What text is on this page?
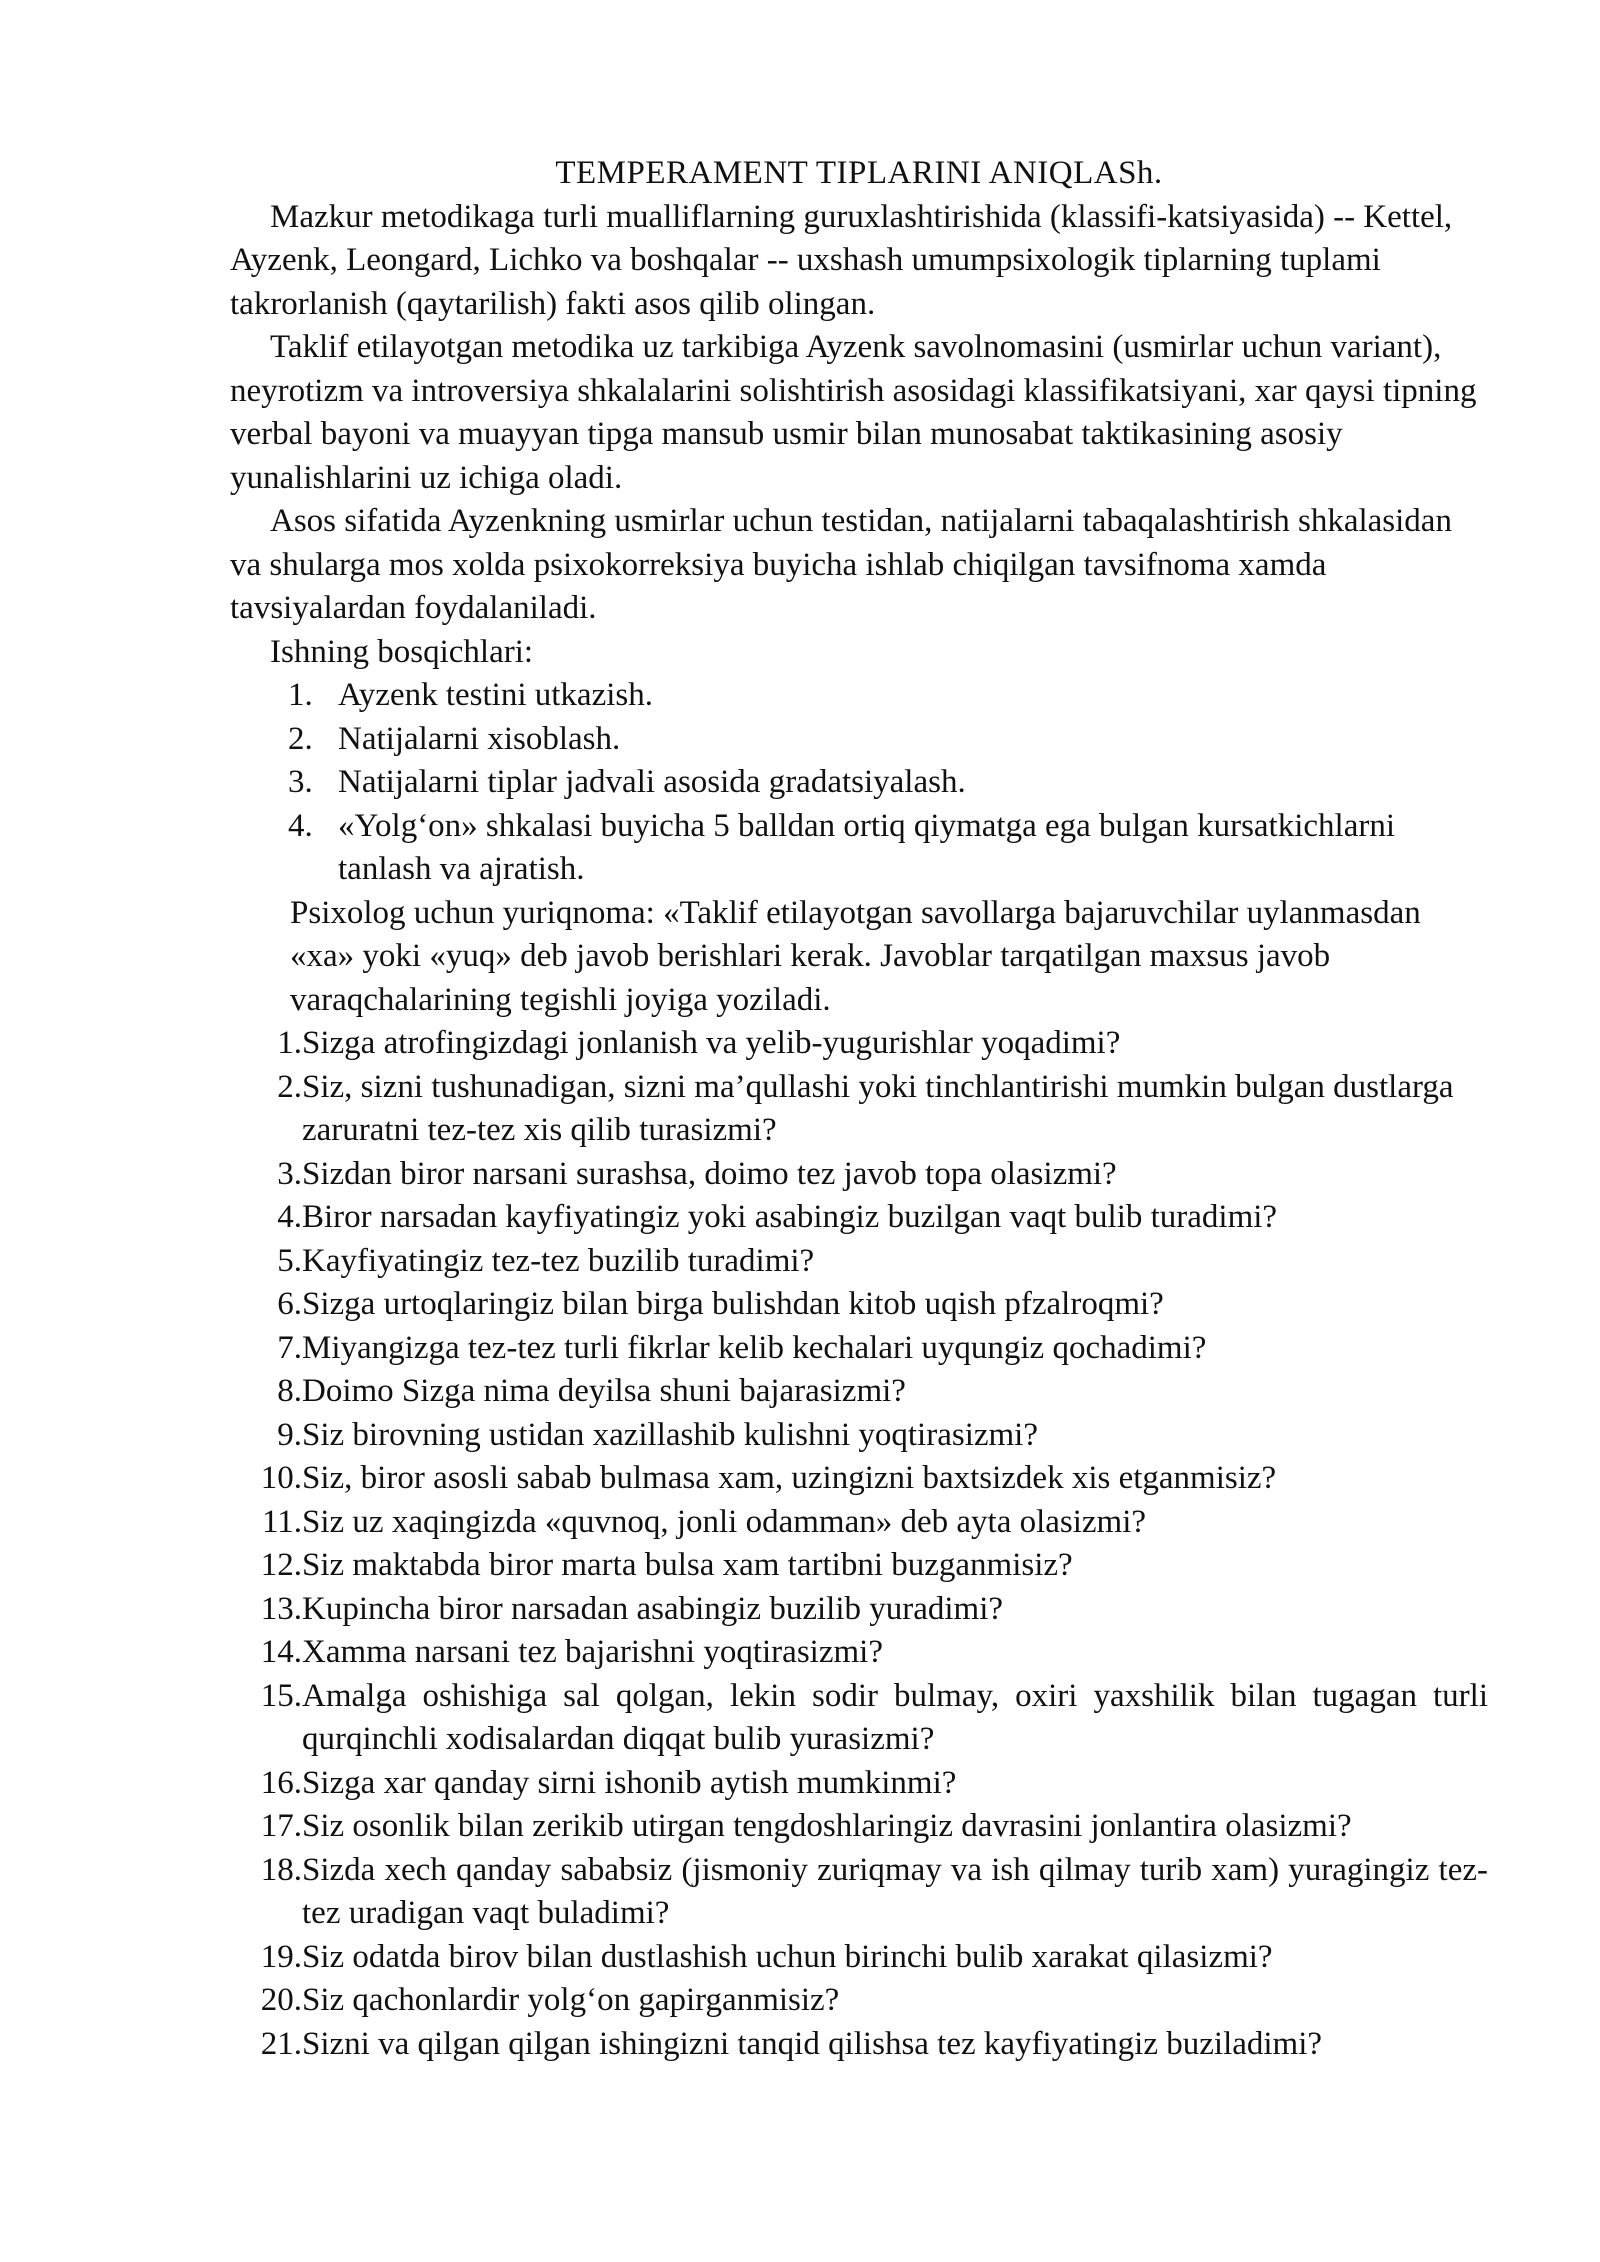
TEMPERAMENT TIPLARINI ANIQLASh.

Mazkur metodikaga turli mualliflarning guruxlashtirishida (klassifi-katsiyasida) -- Kettel, Ayzenk, Leongard, Lichko va boshqalar -- uxshash umumpsixologik tiplarning tuplami takrorlanish (qaytarilish) fakti asos qilib olingan.

Taklif etilayotgan metodika uz tarkibiga Ayzenk savolnomasini (usmirlar uchun variant), neyrotizm va introversiya shkalalarini solishtirish asosidagi klassifikatsiyani, xar qaysi tipning verbal bayoni va muayyan tipga mansub usmir bilan munosabat taktikasining asosiy yunalishlarini uz ichiga oladi.

Asos sifatida Ayzenkning usmirlar uchun testidan, natijalarni tabaqalashtirish shkalasidan va shularga mos xolda psixokorreksiya buyicha ishlab chiqilgan tavsifnoma xamda tavsiyalardan foydalaniladi.

Ishning bosqichlari:

1. Ayzenk testini utkazish.
2. Natijalarni xisoblash.
3. Natijalarni tiplar jadvali asosida gradatsiyalash.
4. «Yolg‘on» shkalasi buyicha 5 balldan ortiq qiymatga ega bulgan kursatkichlarni tanlash va ajratish.

Psixolog uchun yuriqnoma: «Taklif etilayotgan savollarga bajaruvchilar uylanmasdan «xa» yoki «yuq» deb javob berishlari kerak. Javoblar tarqatilgan maxsus javob varaqchalarining tegishli joyiga yoziladi.

1. Sizga atrofingizdagi jonlanish va yelib-yugurishlar yoqadimi?
2. Siz, sizni tushunadigan, sizni ma’qullashi yoki tinchlantirishi mumkin bulgan dustlarga zaruratni tez-tez xis qilib turasizmi?
3. Sizdan biror narsani surashsa, doimo tez javob topa olasizmi?
4. Biror narsadan kayfiyatingiz yoki asabingiz buzilgan vaqt bulib turadimi?
5. Kayfiyatingiz tez-tez buzilib turadimi?
6. Sizga urtoqlaringiz bilan birga bulishdan kitob uqish pfzalroqmi?
7. Miyangizga tez-tez turli fikrlar kelib kechalari uyqungiz qochadimi?
8. Doimo Sizga nima deyilsa shuni bajarasizmi?
9. Siz birovning ustidan xazillashib kulishni yoqtirasizmi?
10. Siz, biror asosli sabab bulmasa xam, uzingizni baxtsizdek xis etganmisiz?
11. Siz uz xaqingizda «quvnoq, jonli odamman» deb ayta olasizmi?
12. Siz maktabda biror marta bulsa xam tartibni buzganmisiz?
13. Kupincha biror narsadan asabingiz buzilib yuradimi?
14. Xamma narsani tez bajarishni yoqtirasizmi?
15. Amalga oshishiga sal qolgan, lekin sodir bulmay, oxiri yaxshilik bilan tugagan turli qurqinchli xodisalardan diqqat bulib yurasizmi?
16. Sizga xar qanday sirni ishonib aytish mumkinmi?
17. Siz osonlik bilan zerikib utirgan tengdoshlaringiz davrasini jonlantira olasizmi?
18. Sizda xech qanday sababsiz (jismoniy zuriqmay va ish qilmay turib xam) yuragingiz tez-tez uradigan vaqt buladimi?
19. Siz odatda birov bilan dustlashish uchun birinchi bulib xarakat qilasizmi?
20. Siz qachonlardir yolg‘on gapirganmisiz?
21. Sizni va qilgan qilgan ishingizni tanqid qilishsa tez kayfiyatingiz buziladimi?
